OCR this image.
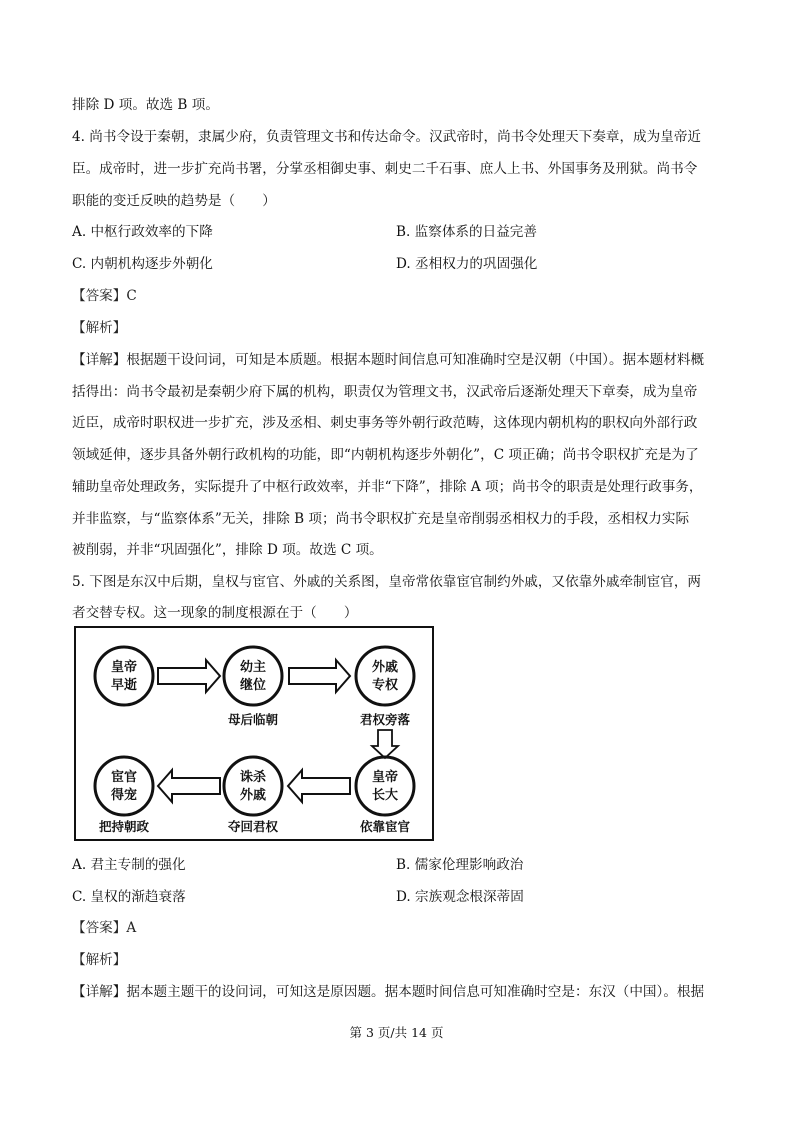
排除 D 项。故选 B 项。
4. 尚书令设于秦朝，隶属少府，负责管理文书和传达命令。汉武帝时，尚书令处理天下奏章，成为皇帝近
臣。成帝时，进一步扩充尚书署，分掌丞相御史事、刺史二千石事、庶人上书、外国事务及刑狱。尚书令
职能的变迁反映的趋势是（　　）
A. 中枢行政效率的下降	B. 监察体系的日益完善
C. 内朝机构逐步外朝化	D. 丞相权力的巩固强化
【答案】C
【解析】
【详解】根据题干设问词，可知是本质题。根据本题时间信息可知准确时空是汉朝（中国）。据本题材料概
括得出：尚书令最初是秦朝少府下属的机构，职责仅为管理文书，汉武帝后逐渐处理天下章奏，成为皇帝
近臣，成帝时职权进一步扩充，涉及丞相、刺史事务等外朝行政范畴，这体现内朝机构的职权向外部行政
领域延伸，逐步具备外朝行政机构的功能，即“内朝机构逐步外朝化”，C 项正确；尚书令职权扩充是为了
辅助皇帝处理政务，实际提升了中枢行政效率，并非“下降”，排除 A 项；尚书令的职责是处理行政事务，
并非监察，与“监察体系”无关，排除 B 项；尚书令职权扩充是皇帝削弱丞相权力的手段，丞相权力实际
被削弱，并非“巩固强化”，排除 D 项。故选 C 项。
5. 下图是东汉中后期，皇权与宦官、外戚的关系图，皇帝常依靠宦官制约外戚，又依靠外戚牵制宦官，两
者交替专权。这一现象的制度根源在于（　　）
皇帝
早逝
幼主
继位
母后临朝
外戚
专权
君权旁落
宦官
得宠
把持朝政
诛杀
外戚
夺回君权
皇帝
长大
依靠宦官
A. 君主专制的强化	B. 儒家伦理影响政治
C. 皇权的渐趋衰落	D. 宗族观念根深蒂固
【答案】A
【解析】
【详解】据本题主题干的设问词，可知这是原因题。据本题时间信息可知准确时空是：东汉（中国）。根据
第 3 页/共 14 页
